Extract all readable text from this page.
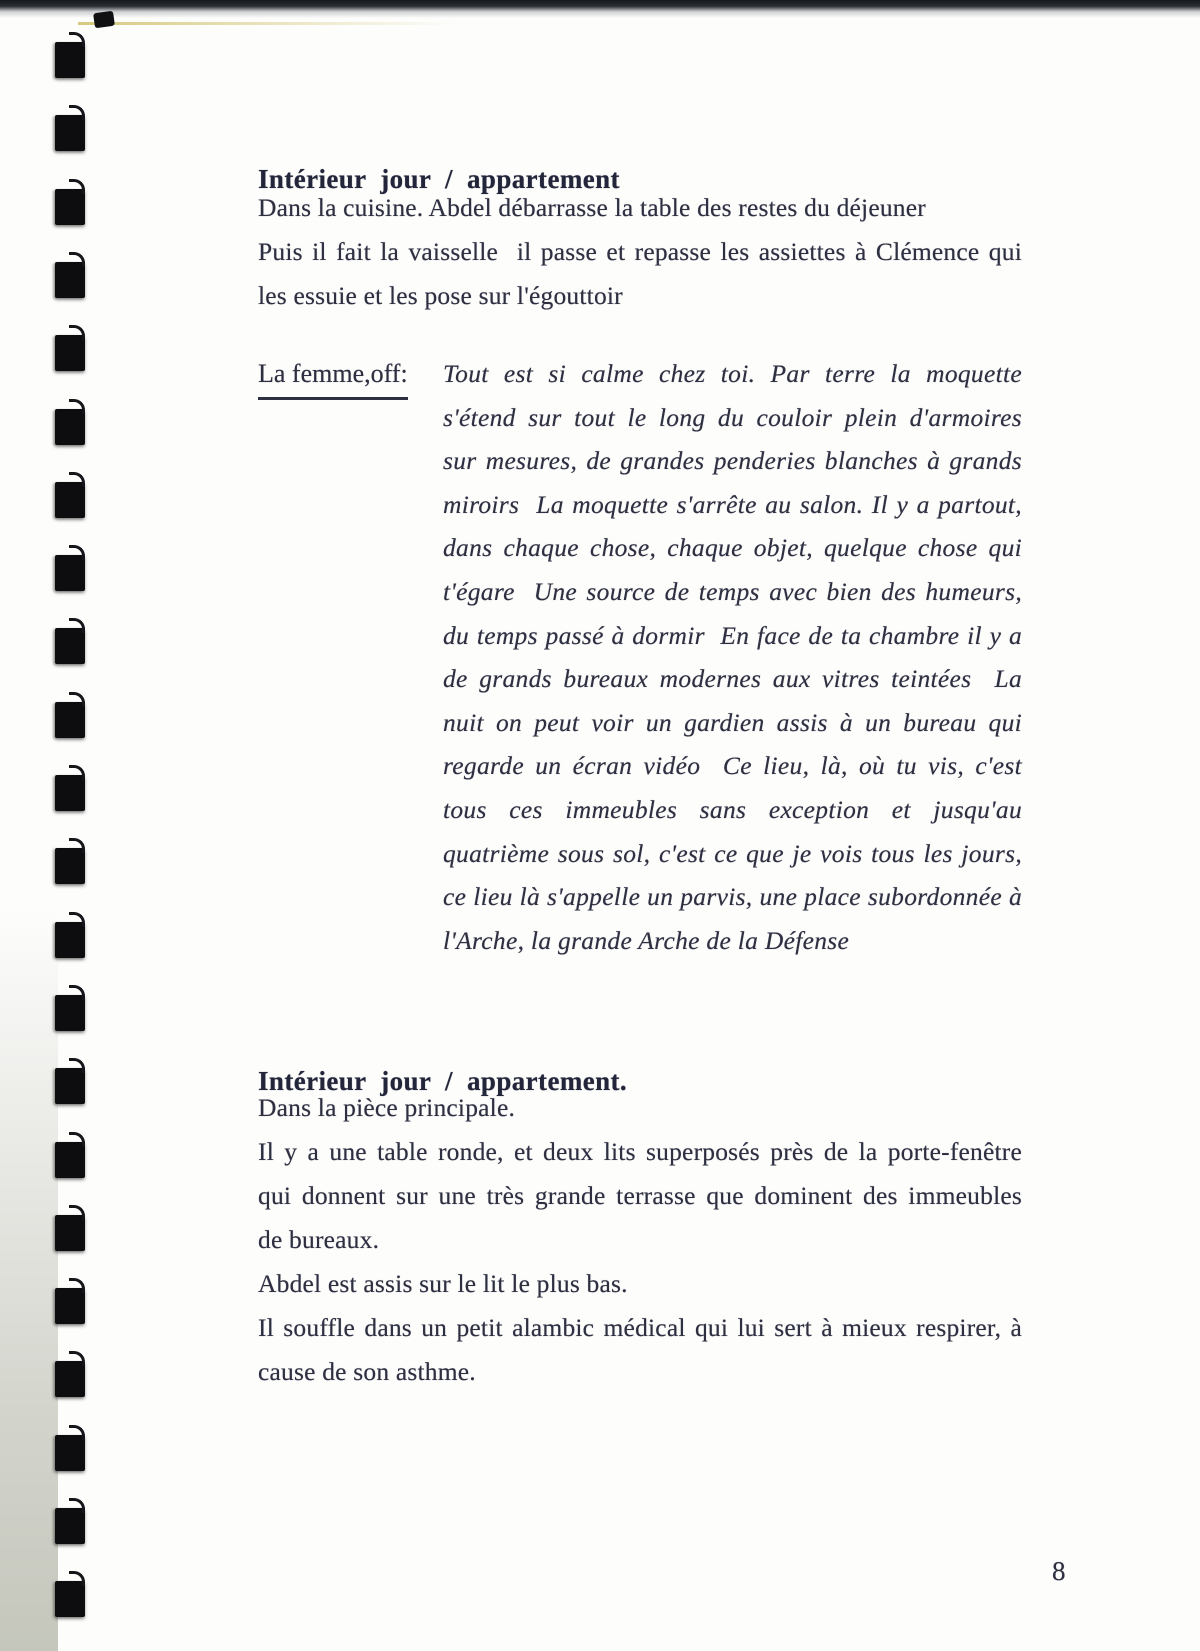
Intérieur jour / appartement
Dans la cuisine. Abdel débarrasse la table des restes du déjeuner
Puis il fait la vaisselle  il passe et repasse les assiettes à Clémence qui
les essuie et les pose sur l'égouttoir
La femme,off: Tout est si calme chez toi. Par terre la moquette
s'étend sur tout le long du couloir plein d'armoires
sur mesures, de grandes penderies blanches à grands
miroirs  La moquette s'arrête au salon. Il y a partout,
dans chaque chose, chaque objet, quelque chose qui
t'égare  Une source de temps avec bien des humeurs,
du temps passé à dormir  En face de ta chambre il y a
de grands bureaux modernes aux vitres teintées  La
nuit on peut voir un gardien assis à un bureau qui
regarde un écran vidéo  Ce lieu, là, où tu vis, c'est
tous ces immeubles sans exception et jusqu'au
quatrième sous sol, c'est ce que je vois tous les jours,
ce lieu là s'appelle un parvis, une place subordonnée à
l'Arche, la grande Arche de la Défense
Intérieur jour / appartement.
Dans la pièce principale.
Il y a une table ronde, et deux lits superposés près de la porte-fenêtre
qui donnent sur une très grande terrasse que dominent des immeubles
de bureaux.
Abdel est assis sur le lit le plus bas.
Il souffle dans un petit alambic médical qui lui sert à mieux respirer, à
cause de son asthme.
8
